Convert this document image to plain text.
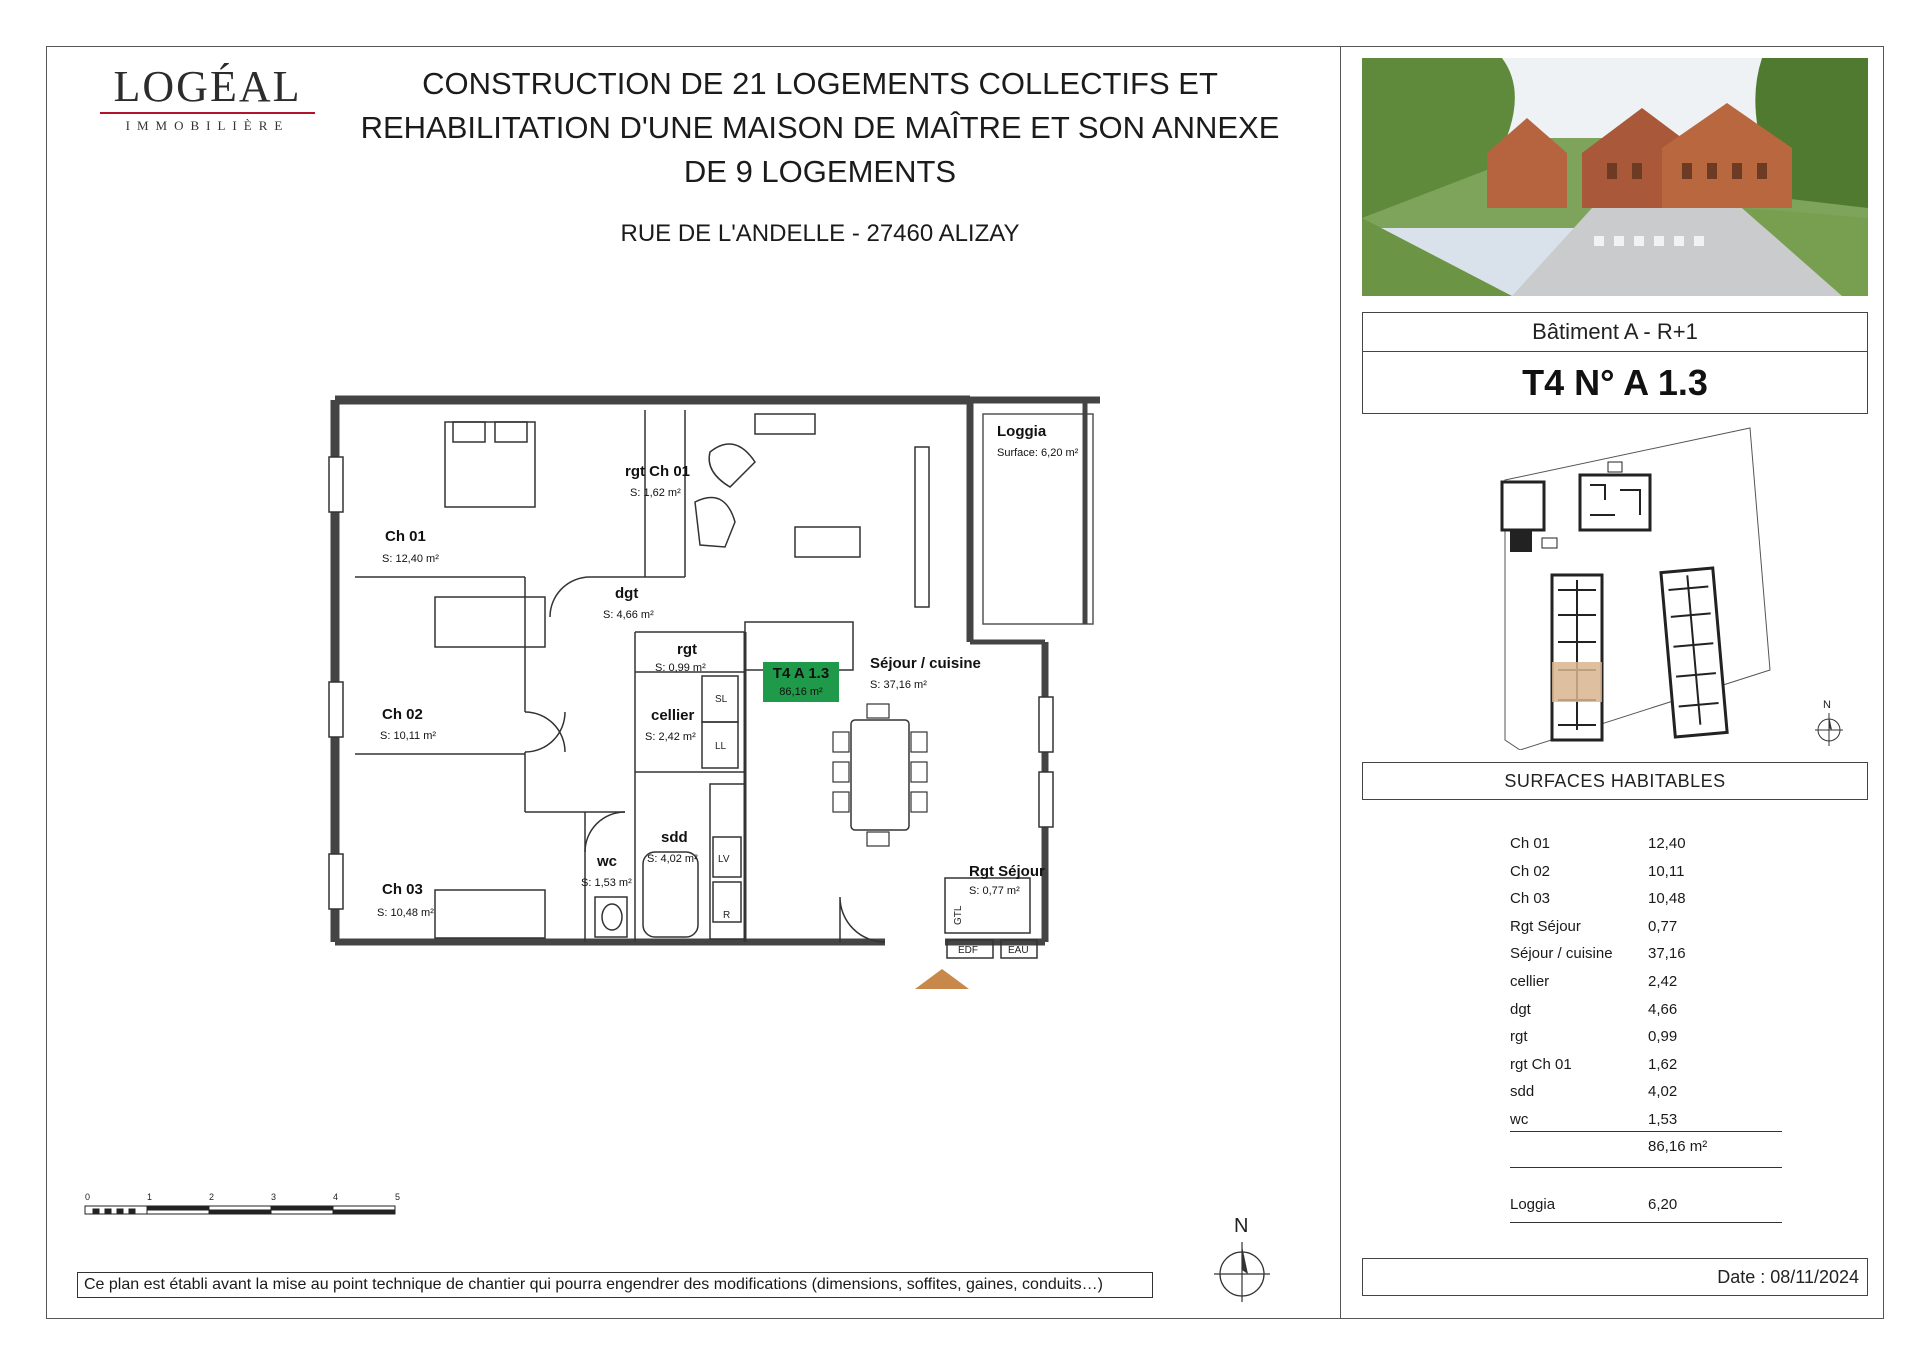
LOGÉAL
IMMOBILIÈRE
CONSTRUCTION DE 21 LOGEMENTS COLLECTIFS ET
REHABILITATION D'UNE MAISON DE MAÎTRE ET SON ANNEXE
DE 9 LOGEMENTS
RUE DE L'ANDELLE - 27460 ALIZAY
Ch 01
S: 12,40 m²
rgt Ch 01
S: 1,62 m²
dgt
S: 4,66 m²
rgt
S: 0,99 m²
Ch 02
S: 10,11 m²
cellier
S: 2,42 m²
Ch 03
S: 10,48 m²
wc
S: 1,53 m²
sdd
S: 4,02 m²
Séjour / cuisine
S: 37,16 m²
Rgt Séjour
S: 0,77 m²
Loggia
Surface: 6,20 m²
SL
LL
LV
R	GTL
EDF	EAU
T4 A 1.3
86,16 m²
0	1	2	3	4	5
N
Ce plan est établi avant la mise au point technique de chantier qui pourra engendrer des modifications (dimensions, soffites, gaines, conduits…)
Bâtiment A - R+1
T4 N° A 1.3
N
SURFACES HABITABLES
Ch 01	12,40
Ch 02	10,11
Ch 03	10,48
Rgt Séjour	0,77
Séjour / cuisine 37,16
cellier	2,42
dgt	4,66
rgt	0,99
rgt Ch 01	1,62
sdd	4,02
wc	1,53
86,16 m²
Loggia	6,20
Date : 08/11/2024
